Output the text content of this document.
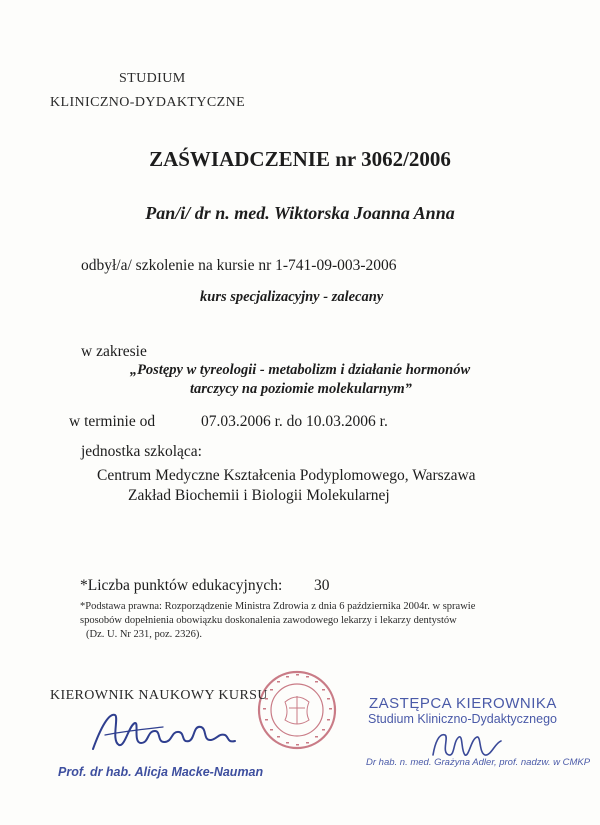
STUDIUM
KLINICZNO-DYDAKTYCZNE
ZAŚWIADCZENIE nr 3062/2006
Pan/i/ dr n. med. Wiktorska Joanna Anna
odbył/a/ szkolenie na kursie nr 1-741-09-003-2006
kurs specjalizacyjny - zalecany
w zakresie
„Postępy w tyreologii - metabolizm i działanie hormonów
tarczycy na poziomie molekularnym”
w terminie od	07.03.2006 r. do 10.03.2006 r.
jednostka szkoląca:
Centrum Medyczne Kształcenia Podyplomowego, Warszawa
Zakład Biochemii i Biologii Molekularnej
*Liczba punktów edukacyjnych: 30
*Podstawa prawna: Rozporządzenie Ministra Zdrowia z dnia 6 października 2004r. w sprawie
sposobów dopełnienia obowiązku doskonalenia zawodowego lekarzy i lekarzy dentystów
(Dz. U. Nr 231, poz. 2326).
KIEROWNIK NAUKOWY KURSU
Prof. dr hab. Alicja Macke-Nauman
ZASTĘPCA KIEROWNIKA
Studium Kliniczno-Dydaktycznego
Dr hab. n. med. Grażyna Adler, prof. nadzw. w CMKP
